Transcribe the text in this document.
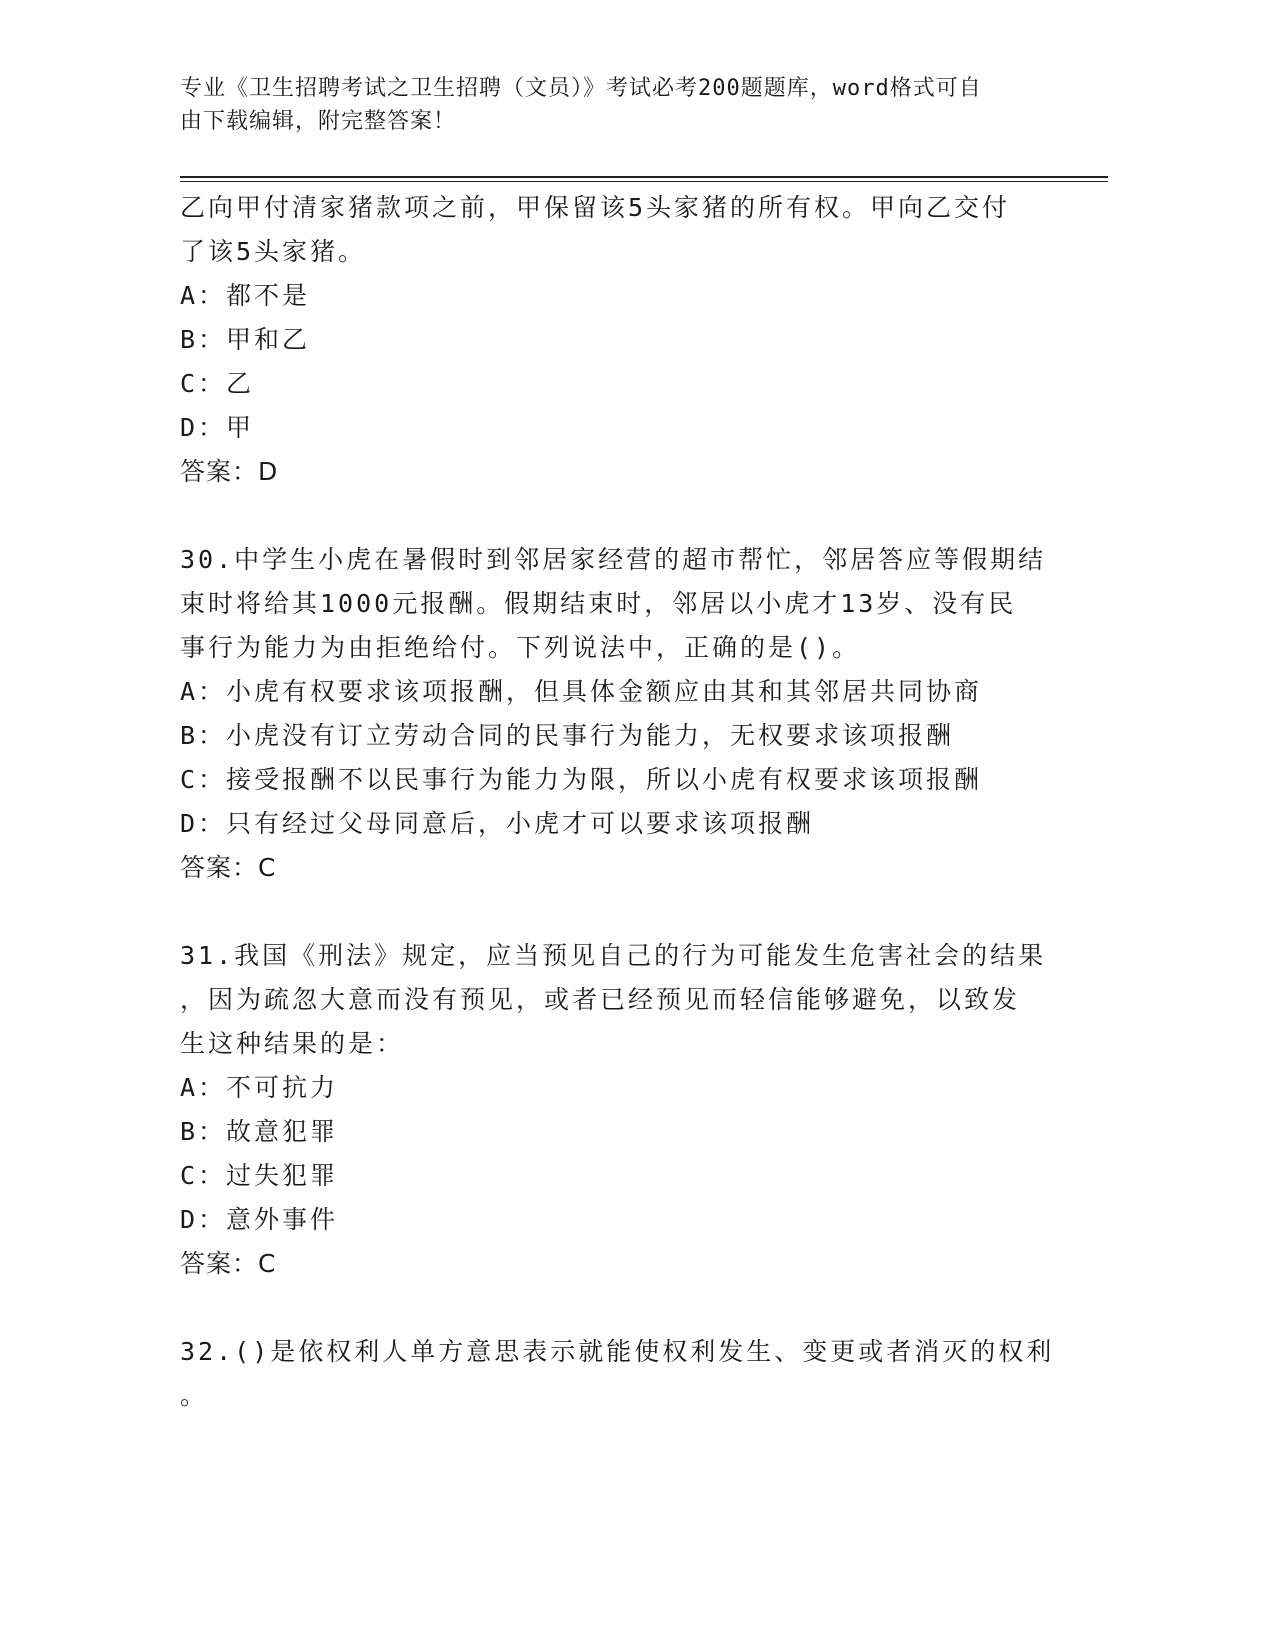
专业《卫生招聘考试之卫生招聘（文员）》考试必考200题题库，word格式可自
由下载编辑，附完整答案！
乙向甲付清家猪款项之前，甲保留该5头家猪的所有权。甲向乙交付
了该5头家猪。
A：都不是
B：甲和乙
C：乙
D：甲
答案：D
30.中学生小虎在暑假时到邻居家经营的超市帮忙，邻居答应等假期结
束时将给其1000元报酬。假期结束时，邻居以小虎才13岁、没有民
事行为能力为由拒绝给付。下列说法中，正确的是()。
A：小虎有权要求该项报酬，但具体金额应由其和其邻居共同协商
B：小虎没有订立劳动合同的民事行为能力，无权要求该项报酬
C：接受报酬不以民事行为能力为限，所以小虎有权要求该项报酬
D：只有经过父母同意后，小虎才可以要求该项报酬
答案：C
31.我国《刑法》规定，应当预见自己的行为可能发生危害社会的结果
，因为疏忽大意而没有预见，或者已经预见而轻信能够避免，以致发
生这种结果的是：
A：不可抗力
B：故意犯罪
C：过失犯罪
D：意外事件
答案：C
32.()是依权利人单方意思表示就能使权利发生、变更或者消灭的权利
。
